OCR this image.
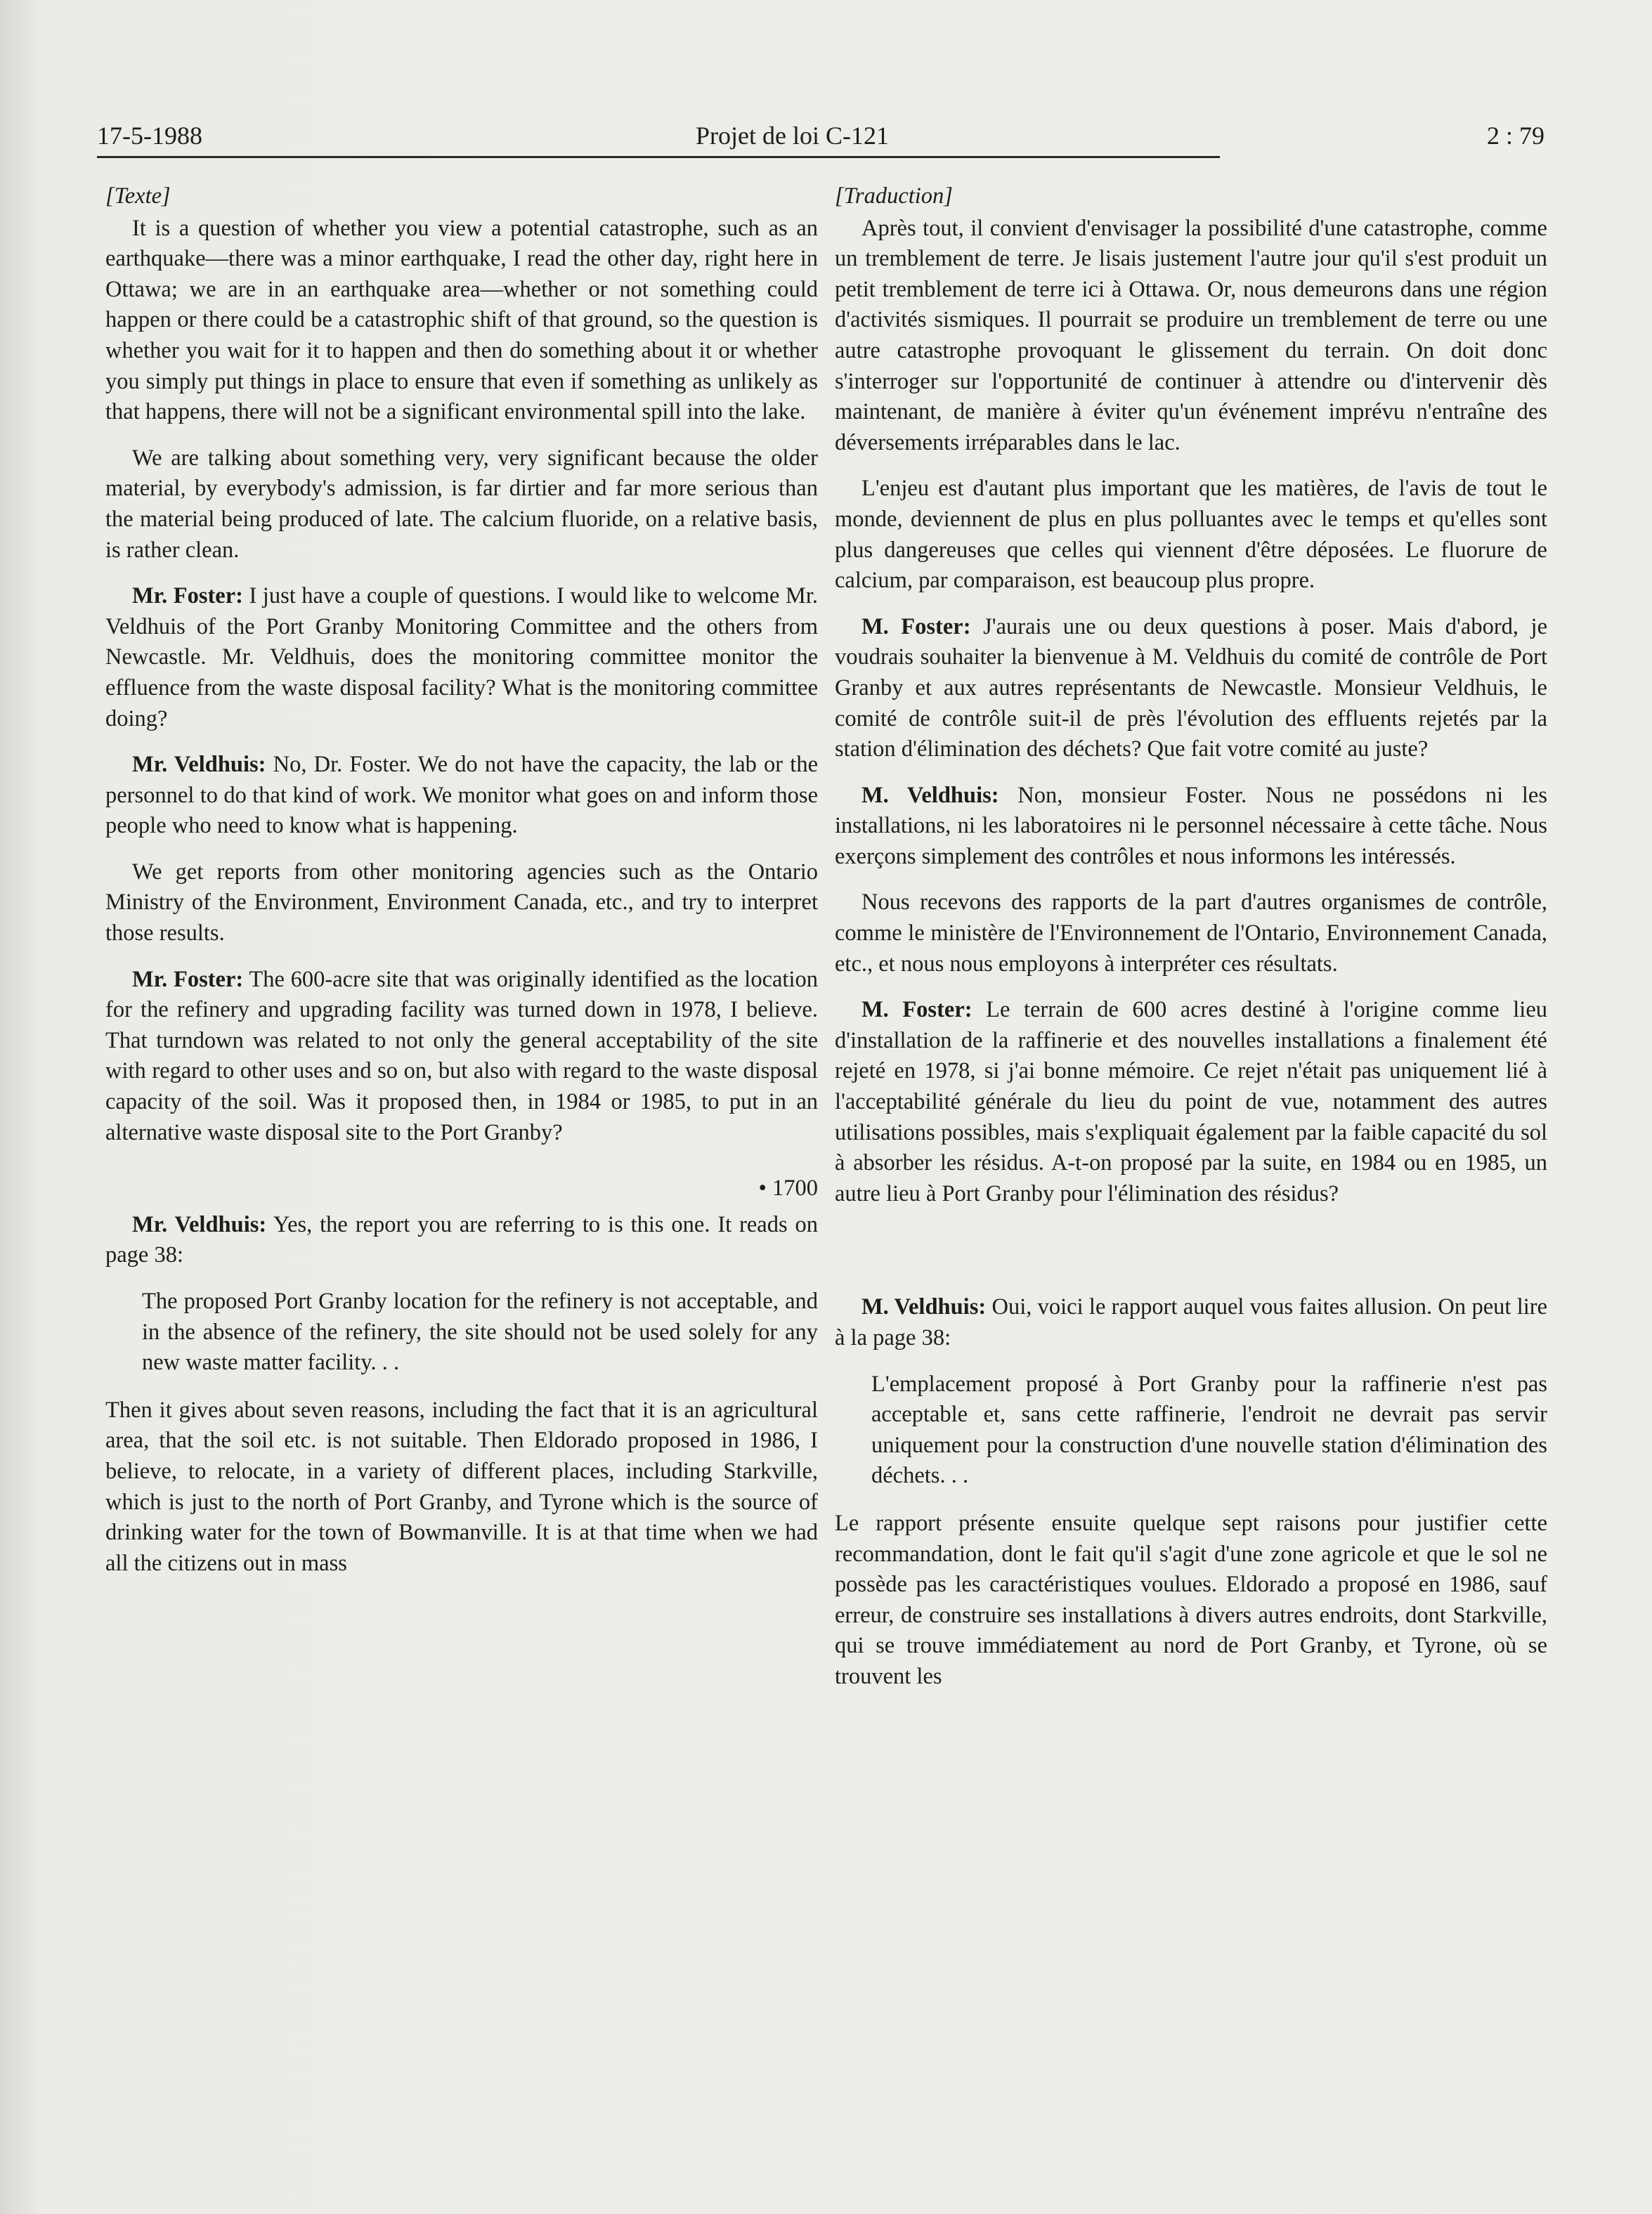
17-5-1988	Projet de loi C-121	2 : 79
[Texte]

It is a question of whether you view a potential catastrophe, such as an earthquake—there was a minor earthquake, I read the other day, right here in Ottawa; we are in an earthquake area—whether or not something could happen or there could be a catastrophic shift of that ground, so the question is whether you wait for it to happen and then do something about it or whether you simply put things in place to ensure that even if something as unlikely as that happens, there will not be a significant environmental spill into the lake.

We are talking about something very, very significant because the older material, by everybody's admission, is far dirtier and far more serious than the material being produced of late. The calcium fluoride, on a relative basis, is rather clean.

Mr. Foster: I just have a couple of questions. I would like to welcome Mr. Veldhuis of the Port Granby Monitoring Committee and the others from Newcastle. Mr. Veldhuis, does the monitoring committee monitor the effluence from the waste disposal facility? What is the monitoring committee doing?

Mr. Veldhuis: No, Dr. Foster. We do not have the capacity, the lab or the personnel to do that kind of work. We monitor what goes on and inform those people who need to know what is happening.

We get reports from other monitoring agencies such as the Ontario Ministry of the Environment, Environment Canada, etc., and try to interpret those results.

Mr. Foster: The 600-acre site that was originally identified as the location for the refinery and upgrading facility was turned down in 1978, I believe. That turndown was related to not only the general acceptability of the site with regard to other uses and so on, but also with regard to the waste disposal capacity of the soil. Was it proposed then, in 1984 or 1985, to put in an alternative waste disposal site to the Port Granby?

• 1700

Mr. Veldhuis: Yes, the report you are referring to is this one. It reads on page 38:

The proposed Port Granby location for the refinery is not acceptable, and in the absence of the refinery, the site should not be used solely for any new waste matter facility. . .

Then it gives about seven reasons, including the fact that it is an agricultural area, that the soil etc. is not suitable. Then Eldorado proposed in 1986, I believe, to relocate, in a variety of different places, including Starkville, which is just to the north of Port Granby, and Tyrone which is the source of drinking water for the town of Bowmanville. It is at that time when we had all the citizens out in mass

[Traduction]

Après tout, il convient d'envisager la possibilité d'une catastrophe, comme un tremblement de terre. Je lisais justement l'autre jour qu'il s'est produit un petit tremblement de terre ici à Ottawa. Or, nous demeurons dans une région d'activités sismiques. Il pourrait se produire un tremblement de terre ou une autre catastrophe provoquant le glissement du terrain. On doit donc s'interroger sur l'opportunité de continuer à attendre ou d'intervenir dès maintenant, de manière à éviter qu'un événement imprévu n'entraîne des déversements irréparables dans le lac.

L'enjeu est d'autant plus important que les matières, de l'avis de tout le monde, deviennent de plus en plus polluantes avec le temps et qu'elles sont plus dangereuses que celles qui viennent d'être déposées. Le fluorure de calcium, par comparaison, est beaucoup plus propre.

M. Foster: J'aurais une ou deux questions à poser. Mais d'abord, je voudrais souhaiter la bienvenue à M. Veldhuis du comité de contrôle de Port Granby et aux autres représentants de Newcastle. Monsieur Veldhuis, le comité de contrôle suit-il de près l'évolution des effluents rejetés par la station d'élimination des déchets? Que fait votre comité au juste?

M. Veldhuis: Non, monsieur Foster. Nous ne possédons ni les installations, ni les laboratoires ni le personnel nécessaire à cette tâche. Nous exerçons simplement des contrôles et nous informons les intéressés.

Nous recevons des rapports de la part d'autres organismes de contrôle, comme le ministère de l'Environnement de l'Ontario, Environnement Canada, etc., et nous nous employons à interpréter ces résultats.

M. Foster: Le terrain de 600 acres destiné à l'origine comme lieu d'installation de la raffinerie et des nouvelles installations a finalement été rejeté en 1978, si j'ai bonne mémoire. Ce rejet n'était pas uniquement lié à l'acceptabilité générale du lieu du point de vue, notamment des autres utilisations possibles, mais s'expliquait également par la faible capacité du sol à absorber les résidus. A-t-on proposé par la suite, en 1984 ou en 1985, un autre lieu à Port Granby pour l'élimination des résidus?

M. Veldhuis: Oui, voici le rapport auquel vous faites allusion. On peut lire à la page 38:

L'emplacement proposé à Port Granby pour la raffinerie n'est pas acceptable et, sans cette raffinerie, l'endroit ne devrait pas servir uniquement pour la construction d'une nouvelle station d'élimination des déchets. . .

Le rapport présente ensuite quelque sept raisons pour justifier cette recommandation, dont le fait qu'il s'agit d'une zone agricole et que le sol ne possède pas les caractéristiques voulues. Eldorado a proposé en 1986, sauf erreur, de construire ses installations à divers autres endroits, dont Starkville, qui se trouve immédiatement au nord de Port Granby, et Tyrone, où se trouvent les
